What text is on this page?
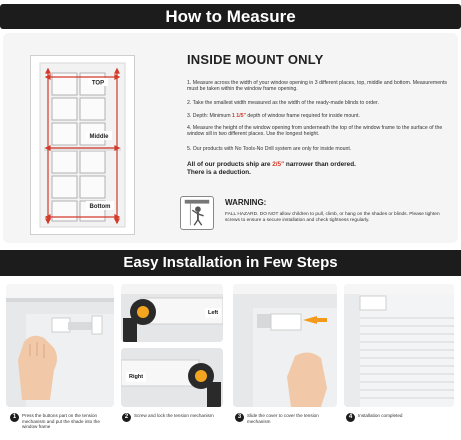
How to Measure
TOP
Middle
Bottom
INSIDE MOUNT ONLY
1. Measure across the width of your window opening in 3 different places, top, middle and bottom. Measurements must be taken within the window frame opening.
2. Take the smallest width measured as the width of the ready-made blinds to order.
3. Depth: Minimum 1 1/5" depth of window frame required for inside mount.
4. Measure the height of the window opening from underneath the top of the window frame to the surface of the window sill in two different places. Use the longest height.
5. Our products with No Tools-No Drill system are only for inside mount.
All of our products ship are 2/5" narrower than ordered.
There is a deduction.
WARNING:
FALL HAZARD. DO NOT allow children to pull, climb, or hang on the shades or blinds. Please tighten screws to ensure a secure installation and check tightness regularly.
Easy Installation in Few Steps
Left
Right
1 Press the buttons part on the tension mechanism and put the shade into the window frame
2 Screw and lock the tension mechanism	3 Slide the cover to cover the tension mechanism
4 Installation completed
